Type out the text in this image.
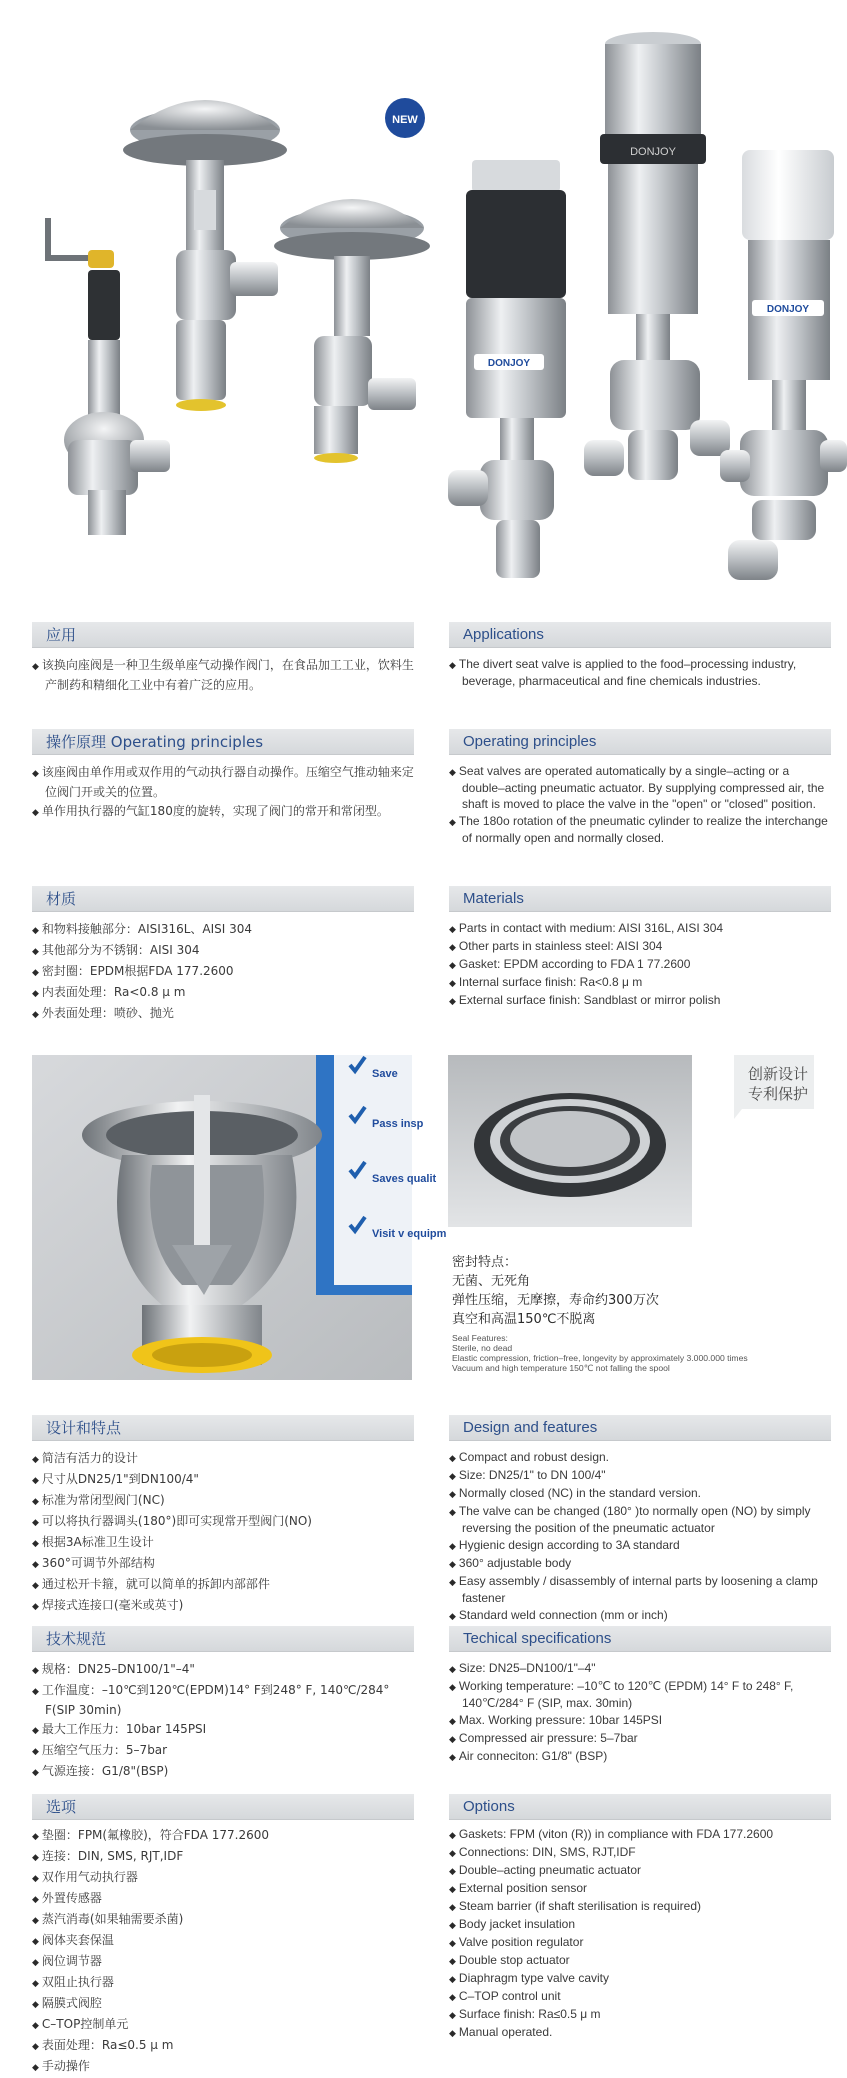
NEW
DONJOY
DONJOY
DONJOY
应用
◆ 该换向座阀是一种卫生级单座气动操作阀门，在食品加工工业，饮料生产制药和精细化工业中有着广泛的应用。
Applications
◆ The divert seat valve is applied to the food–processing industry, beverage, pharmaceutical and fine chemicals industries.
操作原理 Operating principles
◆ 该座阀由单作用或双作用的气动执行器自动操作。压缩空气推动轴来定位阀门开或关的位置。
◆ 单作用执行器的气缸180度的旋转，实现了阀门的常开和常闭型。
Operating principles
◆ Seat valves are operated automatically by a single–acting or a double–acting pneumatic actuator. By supplying compressed air, the shaft is moved to place the valve in the "open" or "closed" position.
◆ The 180o rotation of the pneumatic cylinder to realize the interchange of normally open and normally closed.
材质
◆ 和物料接触部分：AISI316L、AISI 304
◆ 其他部分为不锈钢：AISI 304
◆ 密封圈：EPDM根据FDA 177.2600
◆ 内表面处理：Ra<0.8 μ m
◆ 外表面处理：喷砂、抛光
Materials
◆ Parts in contact with medium: AISI 316L, AISI 304
◆ Other parts in stainless steel: AISI 304
◆ Gasket: EPDM according to FDA 1 77.2600
◆ Internal surface finish: Ra<0.8 μ m
◆ External surface finish: Sandblast or mirror polish
Save
Pass insp
Saves qualit
Visit v equipm
创新设计
专利保护
密封特点：
无菌、无死角
弹性压缩，无摩擦，寿命约300万次
真空和高温150℃不脱离
Seal Features:
Sterile, no dead
Elastic compression, friction–free, longevity by approximately 3.000.000 times
Vacuum and high temperature 150℃ not falling the spool
设计和特点
◆ 简洁有活力的设计
◆ 尺寸从DN25/1"到DN100/4"
◆ 标准为常闭型阀门(NC)
◆ 可以将执行器调头(180°)即可实现常开型阀门(NO)
◆ 根据3A标准卫生设计
◆ 360°可调节外部结构
◆ 通过松开卡箍，就可以简单的拆卸内部部件
◆ 焊接式连接口(毫米或英寸)
Design and features
◆ Compact and robust design.
◆ Size: DN25/1" to DN 100/4"
◆ Normally closed (NC) in the standard version.
◆ The valve can be changed (180° )to normally open (NO) by simply reversing the position of the pneumatic actuator
◆ Hygienic design according to 3A standard
◆ 360° adjustable body
◆ Easy assembly / disassembly of internal parts by loosening a clamp fastener
◆ Standard weld connection (mm or inch)
技术规范
◆ 规格：DN25–DN100/1"–4"
◆ 工作温度：–10℃到120℃(EPDM)14° F到248° F, 140℃/284° F(SIP 30min)
◆ 最大工作压力：10bar 145PSI
◆ 压缩空气压力：5–7bar
◆ 气源连接：G1/8"(BSP)
Techical specifications
◆ Size: DN25–DN100/1"–4"
◆ Working temperature: –10℃ to 120℃ (EPDM) 14° F to 248° F, 140℃/284° F (SIP, max. 30min)
◆ Max. Working pressure: 10bar 145PSI
◆ Compressed air pressure: 5–7bar
◆ Air conneciton: G1/8" (BSP)
选项
◆ 垫圈：FPM(氟橡胶)，符合FDA 177.2600
◆ 连接：DIN, SMS, RJT,IDF
◆ 双作用气动执行器
◆ 外置传感器
◆ 蒸汽消毒(如果轴需要杀菌)
◆ 阀体夹套保温
◆ 阀位调节器
◆ 双阻止执行器
◆ 隔膜式阀腔
◆ C–TOP控制单元
◆ 表面处理：Ra≤0.5 μ m
◆ 手动操作
Options
◆ Gaskets: FPM (viton (R)) in compliance with FDA 177.2600
◆ Connections: DIN, SMS, RJT,IDF
◆ Double–acting pneumatic actuator
◆ External position sensor
◆ Steam barrier (if shaft sterilisation is required)
◆ Body jacket insulation
◆ Valve position regulator
◆ Double stop actuator
◆ Diaphragm type valve cavity
◆ C–TOP control unit
◆ Surface finish: Ra≤0.5 μ m
◆ Manual operated.
